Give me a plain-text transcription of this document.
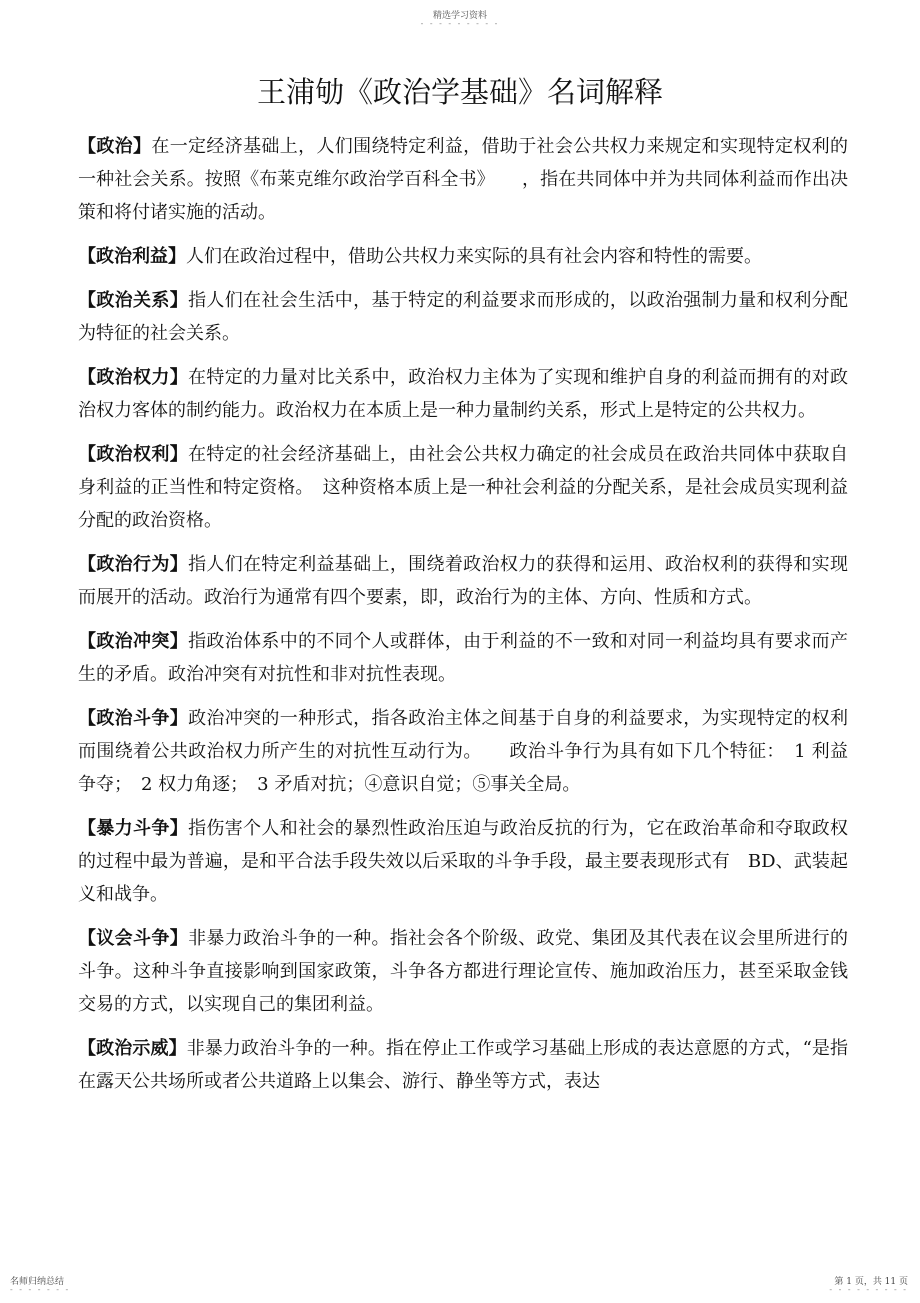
精选学习资料
- - - - - - - - -
王浦劬《政治学基础》名词解释

【政治】在一定经济基础上，人们围绕特定利益，借助于社会公共权力来规定和实现特定权利的一种社会关系。按照《布莱克维尔政治学百科全书》　　，指在共同体中并为共同体利益而作出决策和将付诸实施的活动。

【政治利益】人们在政治过程中，借助公共权力来实际的具有社会内容和特性的需要。

【政治关系】指人们在社会生活中，基于特定的利益要求而形成的，以政治强制力量和权利分配为特征的社会关系。

【政治权力】在特定的力量对比关系中，政治权力主体为了实现和维护自身的利益而拥有的对政治权力客体的制约能力。政治权力在本质上是一种力量制约关系，形式上是特定的公共权力。

【政治权利】在特定的社会经济基础上，由社会公共权力确定的社会成员在政治共同体中获取自身利益的正当性和特定资格。　这种资格本质上是一种社会利益的分配关系，是社会成员实现利益分配的政治资格。

【政治行为】指人们在特定利益基础上，围绕着政治权力的获得和运用、政治权利的获得和实现而展开的活动。政治行为通常有四个要素，即，政治行为的主体、方向、性质和方式。

【政治冲突】指政治体系中的不同个人或群体，由于利益的不一致和对同一利益均具有要求而产生的矛盾。政治冲突有对抗性和非对抗性表现。

【政治斗争】政治冲突的一种形式，指各政治主体之间基于自身的利益要求，为实现特定的权利而围绕着公共政治权力所产生的对抗性互动行为。　　政治斗争行为具有如下几个特征：　1 利益争夺；　2 权力角逐；　3 矛盾对抗；④意识自觉；⑤事关全局。

【暴力斗争】指伤害个人和社会的暴烈性政治压迫与政治反抗的行为，它在政治革命和夺取政权的过程中最为普遍，是和平合法手段失效以后采取的斗争手段，最主要表现形式有　BD、武装起义和战争。

【议会斗争】非暴力政治斗争的一种。指社会各个阶级、政党、集团及其代表在议会里所进行的斗争。这种斗争直接影响到国家政策，斗争各方都进行理论宣传、施加政治压力，甚至采取金钱交易的方式，以实现自己的集团利益。

【政治示威】非暴力政治斗争的一种。指在停止工作或学习基础上形成的表达意愿的方式，“是指在露天公共场所或者公共道路上以集会、游行、静坐等方式，表达

名师归纳总结
- - - - - - -
第 1 页，共 11 页
- - - - - - - - -
